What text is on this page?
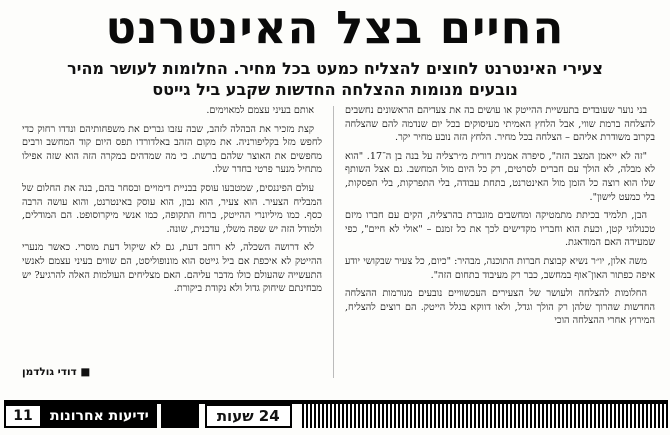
החיים בצל האינטרנט
צעירי האינטרנט לחוצים להצליח כמעט בכל מחיר. החלומות לעושר מהיר נובעים מנומות ההצלחה החדשות שקבע ביל גייטס

בני נוער שעובדים בתעשיית ההייטק או עושים בה את צעדיהם הראשונים נחשבים להצלחה ברמת שווי, אבל הלחץ האמיתי מעיסוקים בכל יום שנדמה להם שהצלחה בקרוב משודרת אליהם – הצלחה בכל מחיר. הלחץ הזה נובע מחיר יקר.

"זה לא ייאמן המצב הזה", סיפרה אמנית דורית מ״רצליה על בנה בן ה־17. "הוא לא מבלה, לא הולך עם חברים לסרטים, רק כל היום מול המחשב. גם אצל השותף שלו הוא רוצה כל הזמן מול האינטרנט, בתחת עבודה, בלי התפרקות, בלי הפסקות, בלי כמעט לישון".

הבן, תלמיד בכיתת מתמטיקה ומחשבים מוגברת בהרצליה, הקים עם חברו מיזם טכנולוגי קטן, וכעת הוא וחבריו מקדישים לכך את כל זמנם – "אולי לא חיים", כפי שמעידה האם המודאגת.

משה אלון, יו״ר נשיא קבוצת חברות התוכנה, מבהיר: "כיום, כל צעיר שבקושי יודע איפה כפתור האון־אוף במחשב, כבר רק מעיבוד בתחום הזה".

החלומות להצלחה ולעושר של הצעירים העכשוויים נובעים מנורמות ההצלחה החדשות שהרוך שלהן רק הולך וגדל, ולאו דווקא בגלל הייטק. הם רוצים להצליח, המירוץ אחרי ההצלחה הוכי

אותם בעיני עצמם למאוימים.

קצת מזכיר את הבהלה לזהב, שבה עזבו גברים את משפחותיהם ונדדו רחוק כדי לחפש מזל בקליפורניה. את מקום הזהב באלדורדו תפס היום קוד המחשב ורבים מחפשים את האוצר שלהם ברשת. כי מה שמדהים במקרה הזה הוא שזה אפילו מתחיל מנער פרטי בחדר שלו.

עולם הפיננסים, שמטבעו עוסק בבניית דימויים ובסחר בהם, בנה את החלום של המבליח הצעיר. הוא צעיר, הוא נבון, הוא עוסק באינטרנט, והוא עושה הרבה כסף. כמו מיליונרי ההייטק, ברוח התקופה, כמו אנשי מיקרוסופט. הם המודלים, ולמודל הזה יש שפה משלו, עדכנית, שונה.

לא דרושה השכלה, לא רוחב דעת, גם לא שיקול דעת מוסרי. כאשר מנערי ההייטק לא איכפת אם ביל גייטס הוא מונופוליסט, הם שווים בעיני עצמם לאנשי התעשייה שהעולם כולו מדבר עליהם. האם מצליחים העולמות האלה להרגיע? יש מבחינתם שיחוק גדול ולא נקודת ביקורת.

■ דודי גולדמן
11	ידיעות אחרונות	24 שעות
